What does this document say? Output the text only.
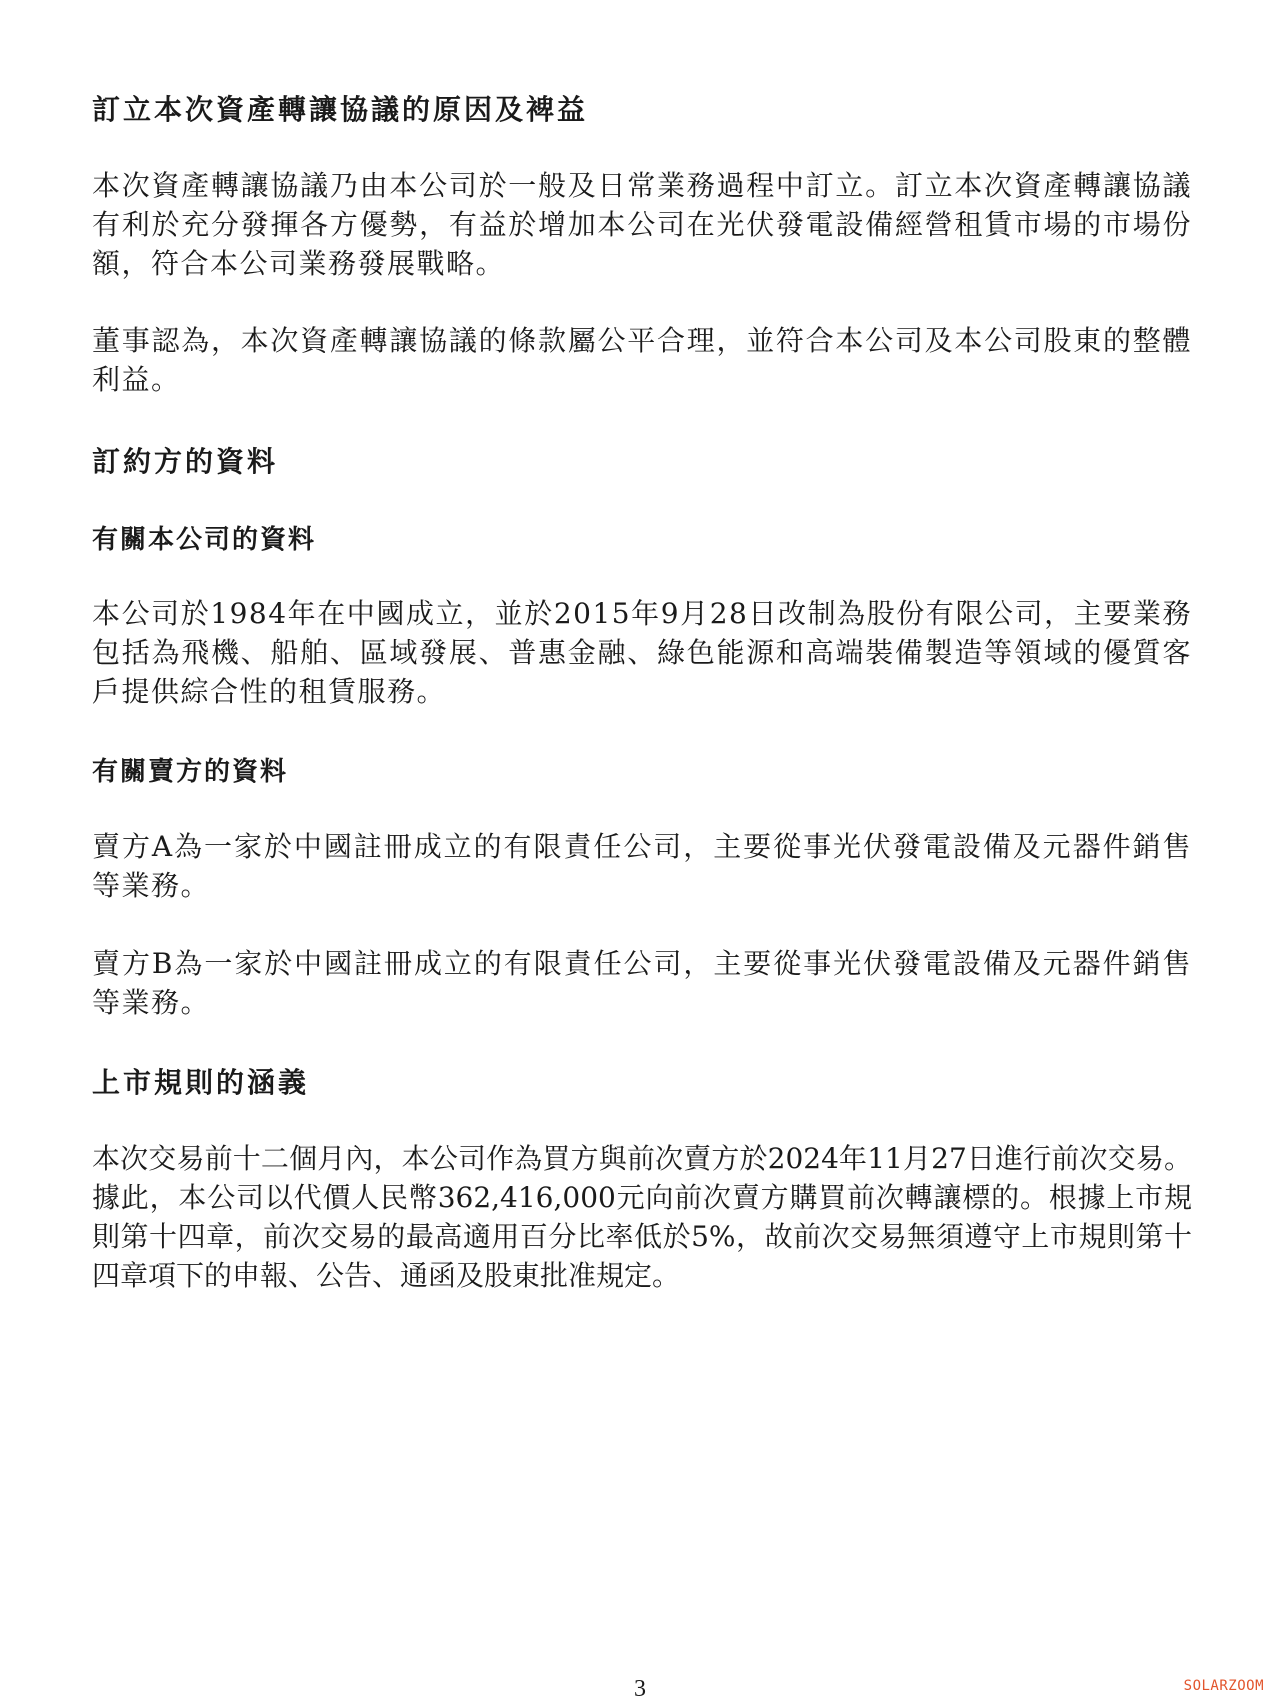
訂立本次資產轉讓協議的原因及裨益

本次資產轉讓協議乃由本公司於一般及日常業務過程中訂立。訂立本次資產轉讓協議有利於充分發揮各方優勢，有益於增加本公司在光伏發電設備經營租賃市場的市場份額，符合本公司業務發展戰略。

董事認為，本次資產轉讓協議的條款屬公平合理，並符合本公司及本公司股東的整體利益。

訂約方的資料
有關本公司的資料

本公司於1984年在中國成立，並於2015年9月28日改制為股份有限公司，主要業務包括為飛機、船舶、區域發展、普惠金融、綠色能源和高端裝備製造等領域的優質客戶提供綜合性的租賃服務。

有關賣方的資料

賣方A為一家於中國註冊成立的有限責任公司，主要從事光伏發電設備及元器件銷售等業務。

賣方B為一家於中國註冊成立的有限責任公司，主要從事光伏發電設備及元器件銷售等業務。

上市規則的涵義

本次交易前十二個月內，本公司作為買方與前次賣方於2024年11月27日進行前次交易。據此，本公司以代價人民幣362,416,000元向前次賣方購買前次轉讓標的。根據上市規則第十四章，前次交易的最高適用百分比率低於5%，故前次交易無須遵守上市規則第十四章項下的申報、公告、通函及股東批准規定。

3	SOLARZOOM
